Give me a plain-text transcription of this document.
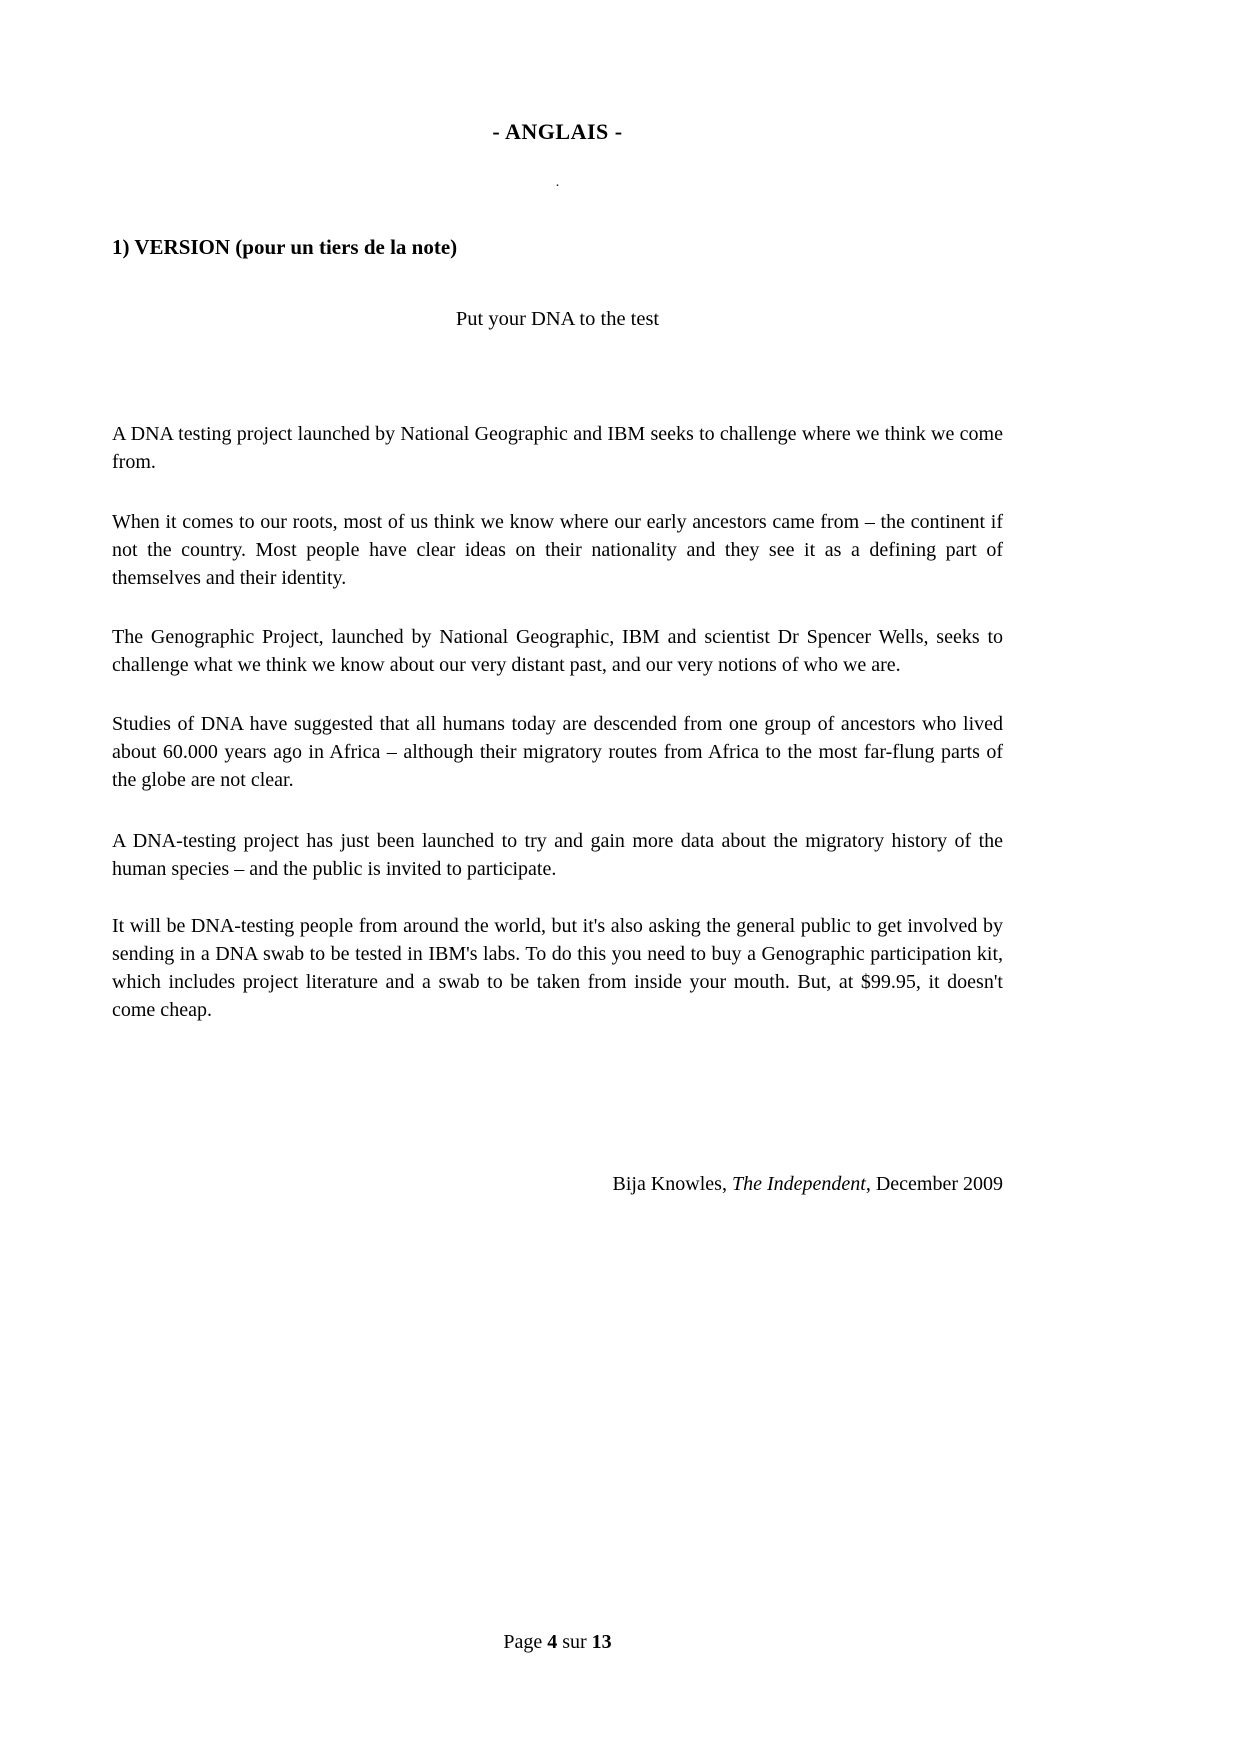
- ANGLAIS -
.
1) VERSION (pour un tiers de la note)
Put your DNA to the test

A DNA testing project launched by National Geographic and IBM seeks to challenge where we think we come from.

When it comes to our roots, most of us think we know where our early ancestors came from – the continent if not the country. Most people have clear ideas on their nationality and they see it as a defining part of themselves and their identity.

The Genographic Project, launched by National Geographic, IBM and scientist Dr Spencer Wells, seeks to challenge what we think we know about our very distant past, and our very notions of who we are.

Studies of DNA have suggested that all humans today are descended from one group of ancestors who lived about 60.000 years ago in Africa – although their migratory routes from Africa to the most far-flung parts of the globe are not clear.

A DNA-testing project has just been launched to try and gain more data about the migratory history of the human species – and the public is invited to participate.

It will be DNA-testing people from around the world, but it's also asking the general public to get involved by sending in a DNA swab to be tested in IBM's labs. To do this you need to buy a Genographic participation kit, which includes project literature and a swab to be taken from inside your mouth. But, at $99.95, it doesn't come cheap.

Bija Knowles, The Independent, December 2009
Page 4 sur 13
